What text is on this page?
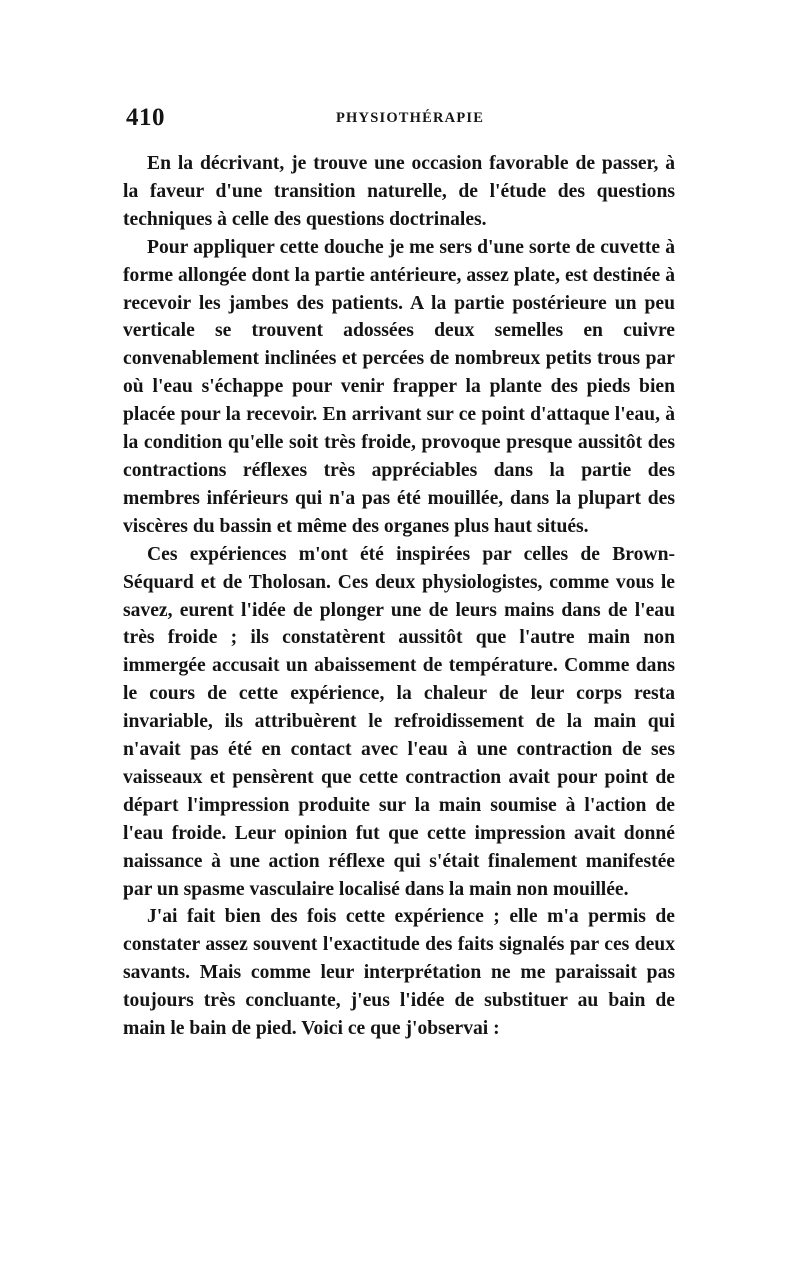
410	PHYSIOTHÉRAPIE

En la décrivant, je trouve une occasion favorable de passer, à la faveur d'une transition naturelle, de l'étude des questions techniques à celle des questions doctrinales.

Pour appliquer cette douche je me sers d'une sorte de cuvette à forme allongée dont la partie antérieure, assez plate, est destinée à recevoir les jambes des patients. A la partie postérieure un peu verticale se trouvent adossées deux semelles en cuivre convenablement inclinées et percées de nombreux petits trous par où l'eau s'échappe pour venir frapper la plante des pieds bien placée pour la recevoir. En arrivant sur ce point d'attaque l'eau, à la condition qu'elle soit très froide, provoque presque aussitôt des contractions réflexes très appréciables dans la partie des membres inférieurs qui n'a pas été mouillée, dans la plupart des viscères du bassin et même des organes plus haut situés.

Ces expériences m'ont été inspirées par celles de Brown-Séquard et de Tholosan. Ces deux physiologistes, comme vous le savez, eurent l'idée de plonger une de leurs mains dans de l'eau très froide ; ils constatèrent aussitôt que l'autre main non immergée accusait un abaissement de température. Comme dans le cours de cette expérience, la chaleur de leur corps resta invariable, ils attribuèrent le refroidissement de la main qui n'avait pas été en contact avec l'eau à une contraction de ses vaisseaux et pensèrent que cette contraction avait pour point de départ l'impression produite sur la main soumise à l'action de l'eau froide. Leur opinion fut que cette impression avait donné naissance à une action réflexe qui s'était finalement manifestée par un spasme vasculaire localisé dans la main non mouillée.

J'ai fait bien des fois cette expérience ; elle m'a permis de constater assez souvent l'exactitude des faits signalés par ces deux savants. Mais comme leur interprétation ne me paraissait pas toujours très concluante, j'eus l'idée de substituer au bain de main le bain de pied. Voici ce que j'observai :
